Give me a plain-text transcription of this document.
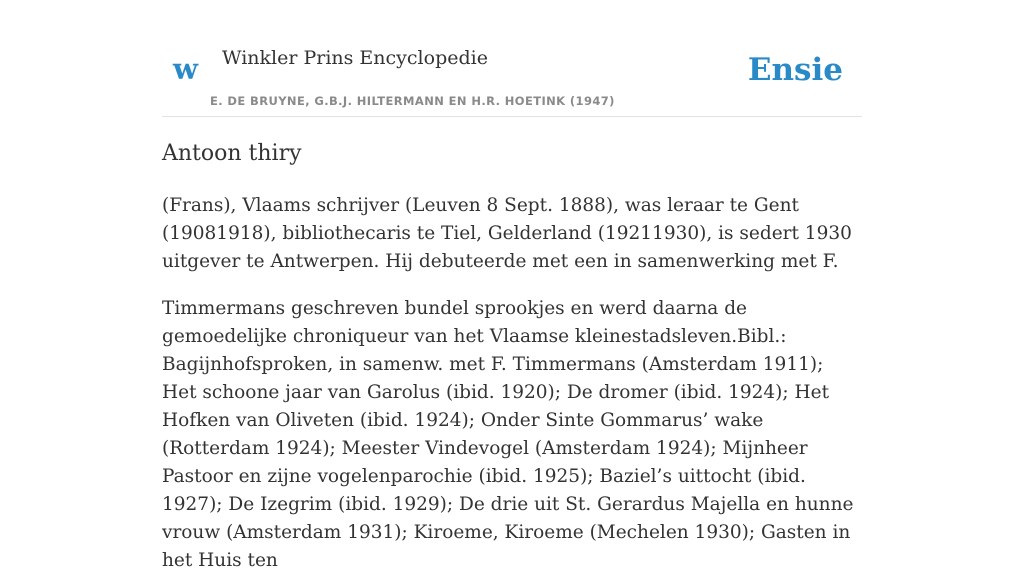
w Winkler Prins Encyclopedie
E. DE BRUYNE, G.B.J. HILTERMANN EN H.R. HOETINK (1947)
Ensie
Antoon thiry

(Frans), Vlaams schrijver (Leuven 8 Sept. 1888), was leraar te Gent (19081918), bibliothecaris te Tiel, Gelderland (19211930), is sedert 1930 uitgever te Antwerpen. Hij debuteerde met een in samenwerking met F.

Timmermans geschreven bundel sprookjes en werd daarna de gemoedelijke chroniqueur van het Vlaamse kleinestadsleven.Bibl.: Bagijnhofsproken, in samenw. met F. Timmermans (Amsterdam 1911); Het schoone jaar van Garolus (ibid. 1920); De dromer (ibid. 1924); Het Hofken van Oliveten (ibid. 1924); Onder Sinte Gommarus’ wake (Rotterdam 1924); Meester Vindevogel (Amsterdam 1924); Mijnheer Pastoor en zijne vogelenparochie (ibid. 1925); Baziel’s uittocht (ibid. 1927); De Izegrim (ibid. 1929); De drie uit St. Gerardus Majella en hunne vrouw (Amsterdam 1931); Kiroeme, Kiroeme (Mechelen 1930); Gasten in het Huis ten
